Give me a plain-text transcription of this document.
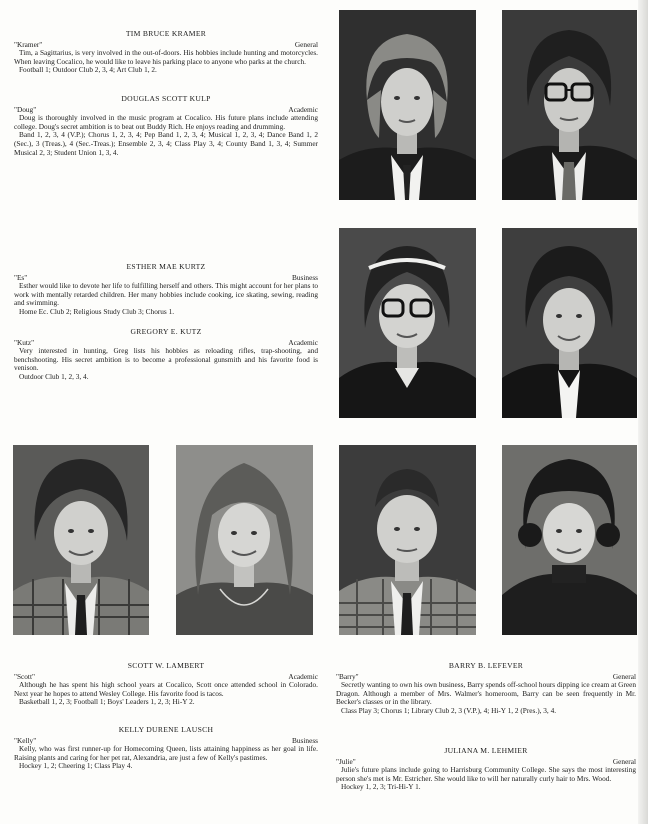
TIM BRUCE KRAMER
"Kramer"	General
Tim, a Sagittarius, is very involved in the out-of-doors. His hobbies include hunting and motorcycles. When leaving Cocalico, he would like to leave his parking place to anyone who parks at the church.
Football 1; Outdoor Club 2, 3, 4; Art Club 1, 2.
DOUGLAS SCOTT KULP
"Doug"	Academic
Doug is thoroughly involved in the music program at Cocalico. His future plans include attending college. Doug's secret ambition is to beat out Buddy Rich. He enjoys reading and drumming.
Band 1, 2, 3, 4 (V.P.); Chorus 1, 2, 3, 4; Pep Band 1, 2, 3, 4; Musical 1, 2, 3, 4; Dance Band 1, 2 (Sec.), 3 (Treas.), 4 (Sec.-Treas.); Ensemble 2, 3, 4; Class Play 3, 4; County Band 1, 3, 4; Summer Musical 2, 3; Student Union 1, 3, 4.
ESTHER MAE KURTZ
"Es"	Business
Esther would like to devote her life to fulfilling herself and others. This might account for her plans to work with mentally retarded children. Her many hobbies include cooking, ice skating, sewing, reading and swimming.
Home Ec. Club 2; Religious Study Club 3; Chorus 1.
GREGORY E. KUTZ
"Kutz"	Academic
Very interested in hunting, Greg lists his hobbies as reloading rifles, trap-shooting, and benchshooting. His secret ambition is to become a professional gunsmith and his favorite food is venison.
Outdoor Club 1, 2, 3, 4.
SCOTT W. LAMBERT
"Scott"	Academic
Although he has spent his high school years at Cocalico, Scott once attended school in Colorado. Next year he hopes to attend Wesley College. His favorite food is tacos.
Basketball 1, 2, 3; Football 1; Boys' Leaders 1, 2, 3; Hi-Y 2.
KELLY DURENE LAUSCH
"Kelly"	Business
Kelly, who was first runner-up for Homecoming Queen, lists attaining happiness as her goal in life. Raising plants and caring for her pet rat, Alexandria, are just a few of Kelly's pastimes.
Hockey 1, 2; Cheering 1; Class Play 4.
BARRY B. LEFEVER
"Barry"	General
Secretly wanting to own his own business, Barry spends off-school hours dipping ice cream at Green Dragon. Although a member of Mrs. Walmer's homeroom, Barry can be seen frequently in Mr. Becker's classes or in the library.
Class Play 3; Chorus 1; Library Club 2, 3 (V.P.), 4; Hi-Y 1, 2 (Pres.), 3, 4.
JULIANA M. LEHMIER
"Julie"	General
Julie's future plans include going to Harrisburg Community College. She says the most interesting person she's met is Mr. Estricher. She would like to will her naturally curly hair to Mrs. Wood.
Hockey 1, 2, 3; Tri-Hi-Y 1.
